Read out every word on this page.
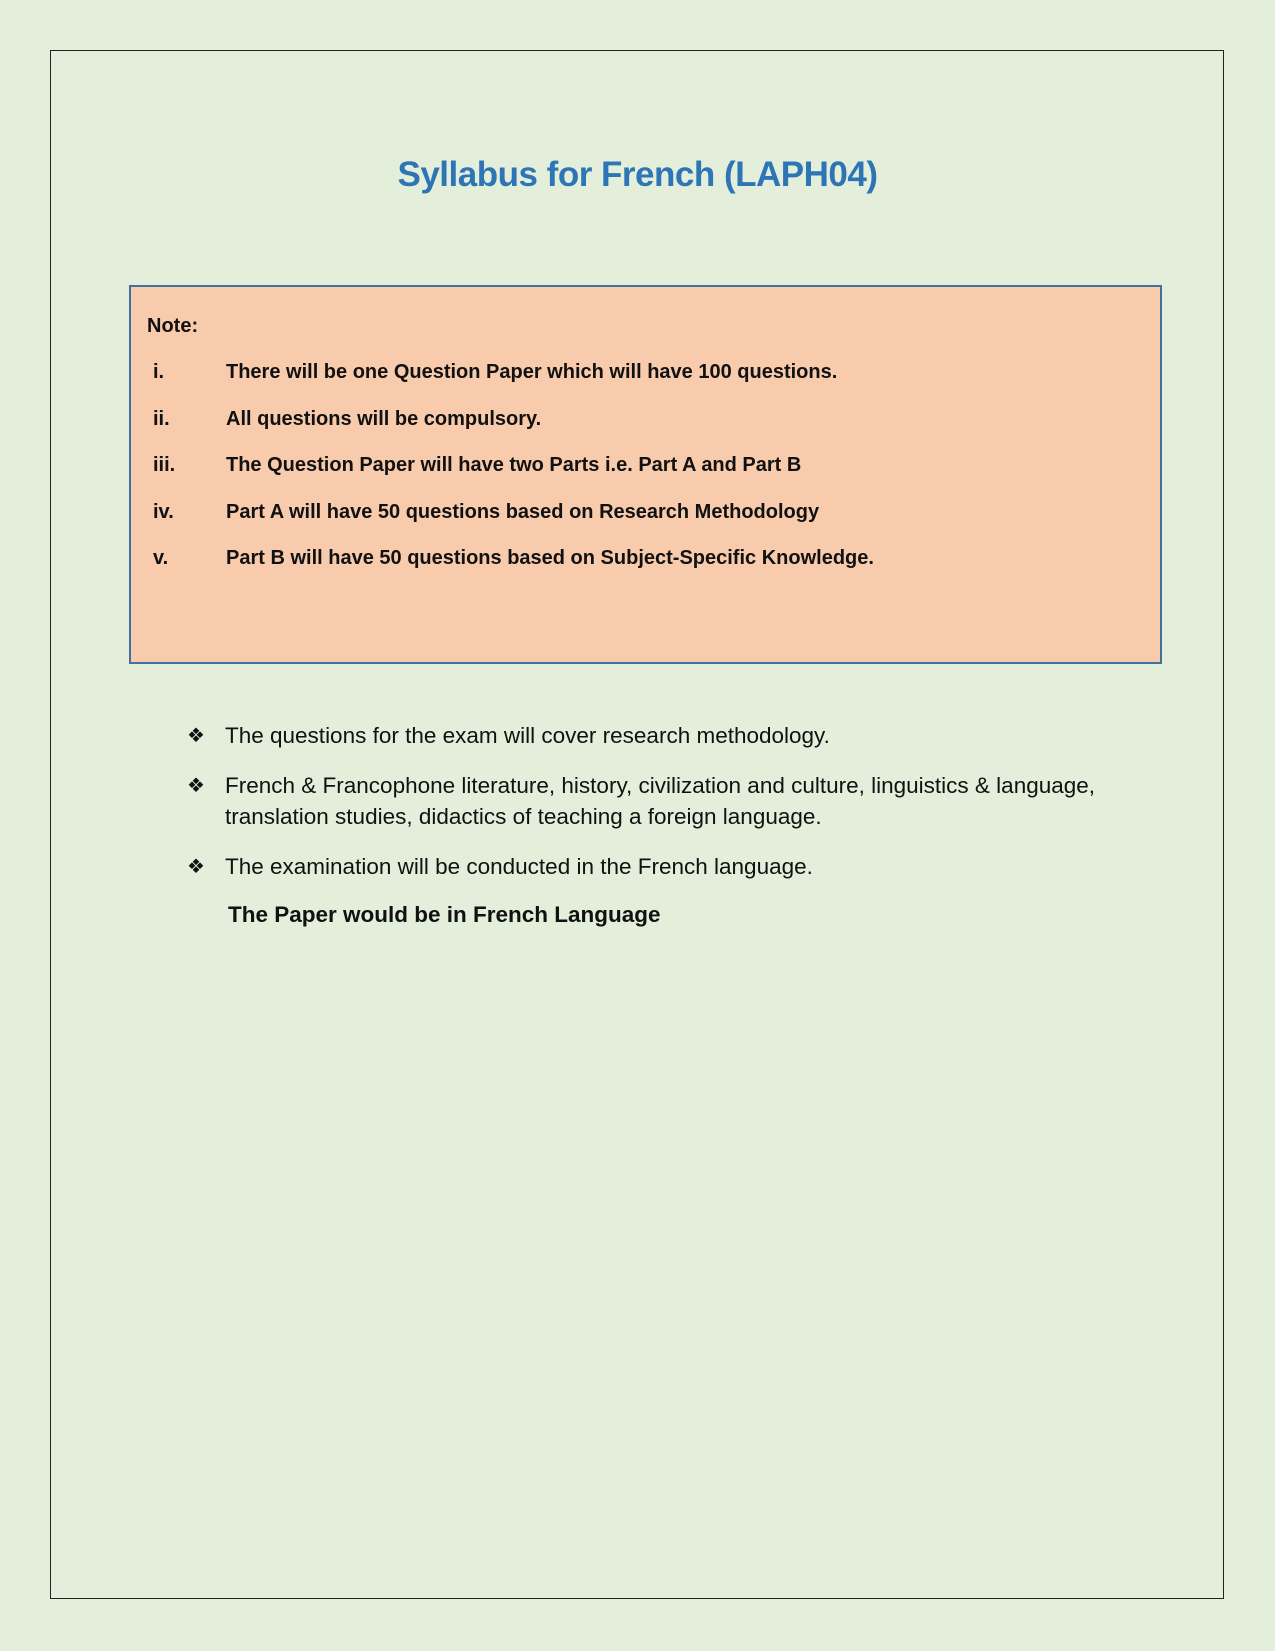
Syllabus for French (LAPH04)
Note:
i.	There will be one Question Paper which will have 100 questions.
ii.	All questions will be compulsory.
iii.	The Question Paper will have two Parts i.e. Part A and Part B
iv.	Part A will have 50 questions based on Research Methodology
v.	Part B will have 50 questions based on Subject-Specific Knowledge.
❖ The questions for the exam will cover research methodology.
❖ French & Francophone literature, history, civilization and culture, linguistics & language, translation studies, didactics of teaching a foreign language.
❖ The examination will be conducted in the French language.
The Paper would be in French Language
